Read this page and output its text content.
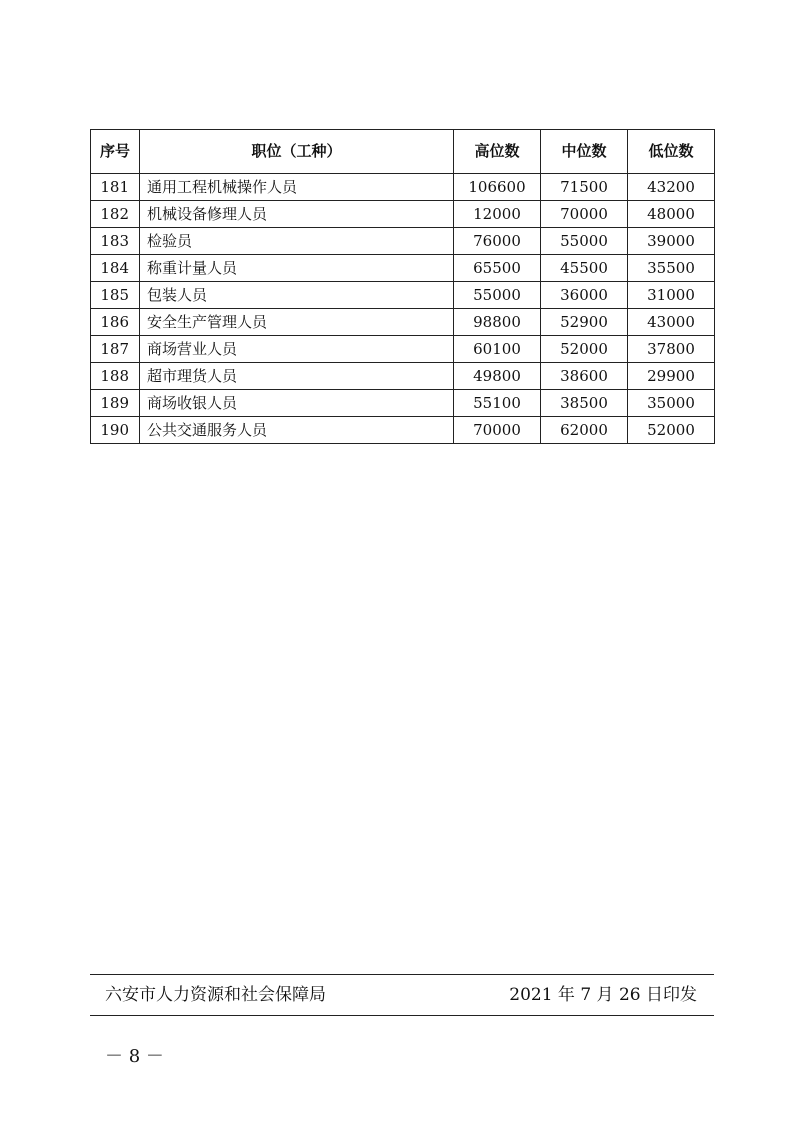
序号	职位（工种）	高位数	中位数	低位数
181	通用工程机械操作人员	106600	71500	43200
182	机械设备修理人员	12000	70000	48000
183	检验员	76000	55000	39000
184	称重计量人员	65500	45500	35500
185	包装人员	55000	36000	31000
186	安全生产管理人员	98800	52900	43000
187	商场营业人员	60100	52000	37800
188	超市理货人员	49800	38600	29900
189	商场收银人员	55100	38500	35000
190	公共交通服务人员	70000	62000	52000
六安市人力资源和社会保障局	2021 年 7 月 26 日印发
－ 8 －
